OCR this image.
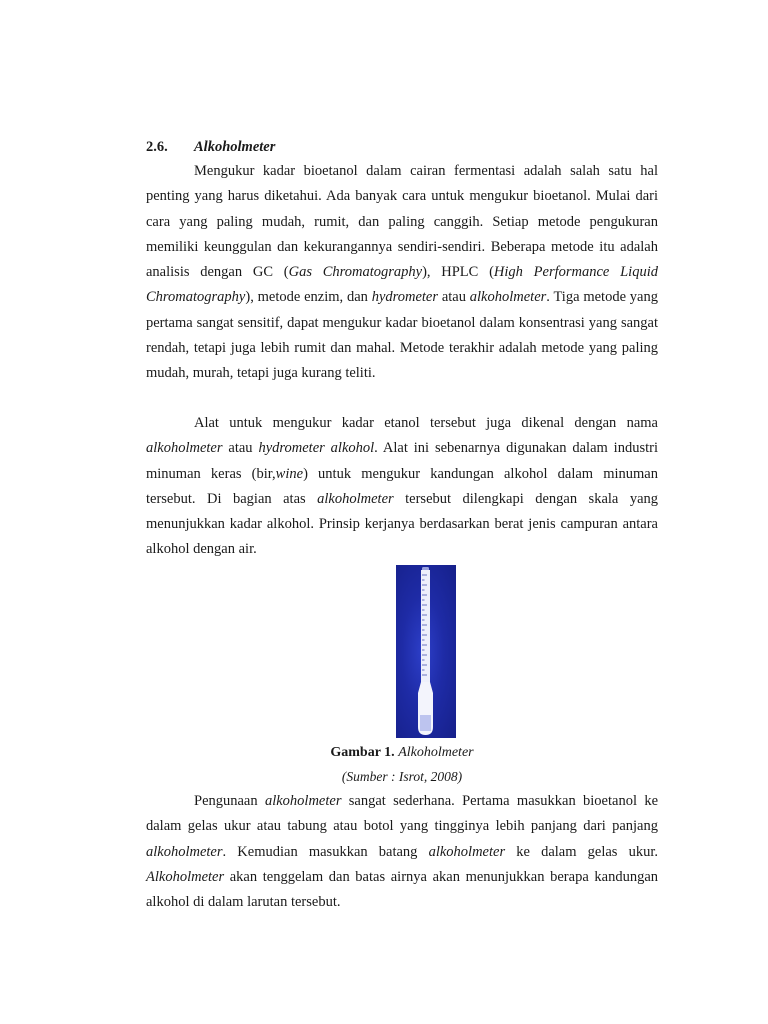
2.6. Alkoholmeter

Mengukur kadar bioetanol dalam cairan fermentasi adalah salah satu hal penting yang harus diketahui. Ada banyak cara untuk mengukur bioetanol. Mulai dari cara yang paling mudah, rumit, dan paling canggih. Setiap metode pengukuran memiliki keunggulan dan kekurangannya sendiri-sendiri. Beberapa metode itu adalah analisis dengan GC (Gas Chromatography), HPLC (High Performance Liquid Chromatography), metode enzim, dan hydrometer atau alkoholmeter. Tiga metode yang pertama sangat sensitif, dapat mengukur kadar bioetanol dalam konsentrasi yang sangat rendah, tetapi juga lebih rumit dan mahal. Metode terakhir adalah metode yang paling mudah, murah, tetapi juga kurang teliti.

Alat untuk mengukur kadar etanol tersebut juga dikenal dengan nama alkoholmeter atau hydrometer alkohol. Alat ini sebenarnya digunakan dalam industri minuman keras (bir,wine) untuk mengukur kandungan alkohol dalam minuman tersebut. Di bagian atas alkoholmeter tersebut dilengkapi dengan skala yang menunjukkan kadar alkohol. Prinsip kerjanya berdasarkan berat jenis campuran antara alkohol dengan air.

Gambar 1. Alkoholmeter
(Sumber : Isrot, 2008)

Pengunaan alkoholmeter sangat sederhana. Pertama masukkan bioetanol ke dalam gelas ukur atau tabung atau botol yang tingginya lebih panjang dari panjang alkoholmeter. Kemudian masukkan batang alkoholmeter ke dalam gelas ukur. Alkoholmeter akan tenggelam dan batas airnya akan menunjukkan berapa kandungan alkohol di dalam larutan tersebut.
